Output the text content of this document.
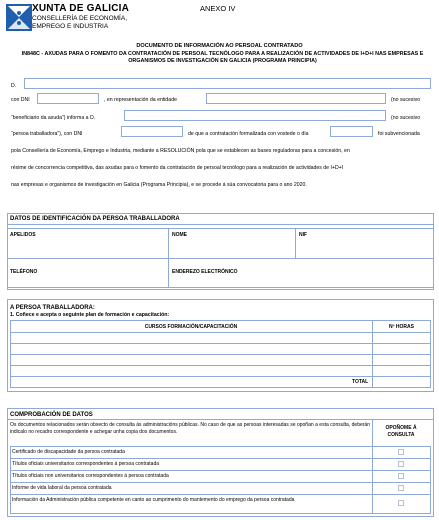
XUNTA DE GALICIA
CONSELLERÍA DE ECONOMÍA,
EMPREGO E INDUSTRIA
ANEXO IV
DOCUMENTO DE INFORMACIÓN AO PERSOAL CONTRATADO
IN848C - AXUDAS PARA O FOMENTO DA CONTRATACIÓN DE PERSOAL TECNÓLOGO PARA A REALIZACIÓN DE ACTIVIDADES DE I+D+I NAS EMPRESAS E
ORGANISMOS DE INVESTIGACIÓN EN GALICIA (PROGRAMA PRINCIPIA)
D.
con DNI	, en representación da entidade	(no sucesivo
“beneficiario da axuda”) informa a D.	(no sucesivo
“persoa traballadora”), con DNI	de que a contratación formalizada con vostede o día	foi subvencionada
pola Consellería de Economía, Emprego e Industria, mediante a RESOLUCIÓN pola que se establecen as bases reguladoras para a concesión, en
réxime de concorrencia competitiva, das axudas para o fomento da contratación de persoal tecnólogo para a realización de actividades de I+D+I
nas empresas e organismos de investigación en Galicia (Programa Principia), e se procede á súa convocatoria para o ano 2020.
DATOS DE IDENTIFICACIÓN DA PERSOA TRABALLADORA
APELIDOS	NOME	NIF
TELÉFONO	ENDEREZO ELECTRÓNICO
A PERSOA TRABALLADORA:
1. Coñece e acepta o seguinte plan de formación e capacitación:
CURSOS FORMACIÓN/CAPACITACIÓN	Nº HORAS
TOTAL
COMPROBACIÓN DE DATOS
Os documentos relacionados serán obxecto de consulta ás administracións públicas. No caso de que as persoas interesadas se opoñan a esta consulta, deberán indicalo no recadro correspondente e achegar unha copia dos documentos.
OPOÑOME Á
CONSULTA
Certificado de discapacidade da persoa contratada
Títulos oficiais universitarios correspondentes á persoa contratada
Títulos oficiais non universitarios correspondentes á persoa contratada
Informe de vida laboral da persoa contratada
Información da Administración pública competente en canto ao cumprimento do mantemento do emprego da persoa contratada
